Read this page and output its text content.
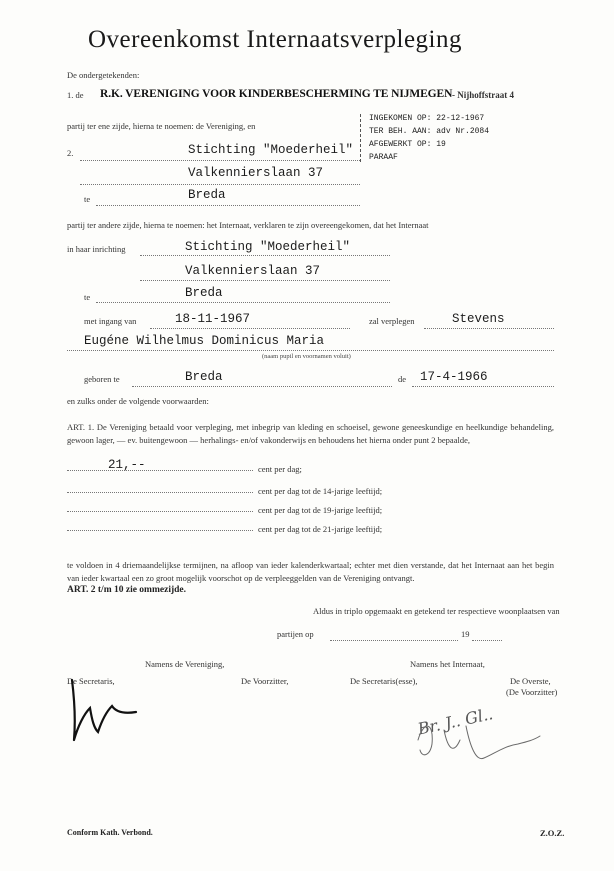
Overeenkomst Internaatsverpleging
De ondergetekenden:
1. de	R.K. VERENIGING VOOR KINDERBESCHERMING TE NIJMEGEN - Nijhoffstraat 4
partij ter ene zijde, hierna te noemen: de Vereniging, en
INGEKOMEN OP: 22-12-1967
TER BEH. AAN: adv Nr.2084
AFGEWERKT OP: 19
PARAAF
2.	Stichting "Moederheil"
Valkennierslaan 37
te	Breda
partij ter andere zijde, hierna te noemen: het Internaat, verklaren te zijn overeengekomen, dat het Internaat
in haar inrichting	Stichting "Moederheil"
Valkennierslaan 37
te	Breda
met ingang van	18-11-1967	zal verplegen	Stevens
Eugéne Wilhelmus Dominicus Maria
(naam pupil en voornamen voluit)
geboren te	Breda	de 17-4-1966
en zulks onder de volgende voorwaarden:
ART. 1. De Vereniging betaald voor verpleging, met inbegrip van kleding en schoeisel, gewone geneeskundige en heelkundige behandeling, gewoon lager, — ev. buitengewoon — herhalings- en/of vakonderwijs en behoudens het hierna onder punt 2 bepaalde,
21,--	cent per dag;
cent per dag tot de 14-jarige leeftijd;
cent per dag tot de 19-jarige leeftijd;
cent per dag tot de 21-jarige leeftijd;
te voldoen in 4 driemaandelijkse termijnen, na afloop van ieder kalenderkwartaal; echter met dien verstande, dat het Internaat aan het begin van ieder kwartaal een zo groot mogelijk voorschot op de verpleeggelden van de Vereniging ontvangt.
ART. 2 t/m 10 zie ommezijde.
Aldus in triplo opgemaakt en getekend ter respectieve woonplaatsen van
partijen op	19
Namens de Vereniging,	Namens het Internaat,
De Secretaris,	De Voorzitter,	De Secretaris(esse),	De Overste,
(De Voorzitter)
Br. J.. Gl..
Conform Kath. Verbond.	Z.O.Z.
